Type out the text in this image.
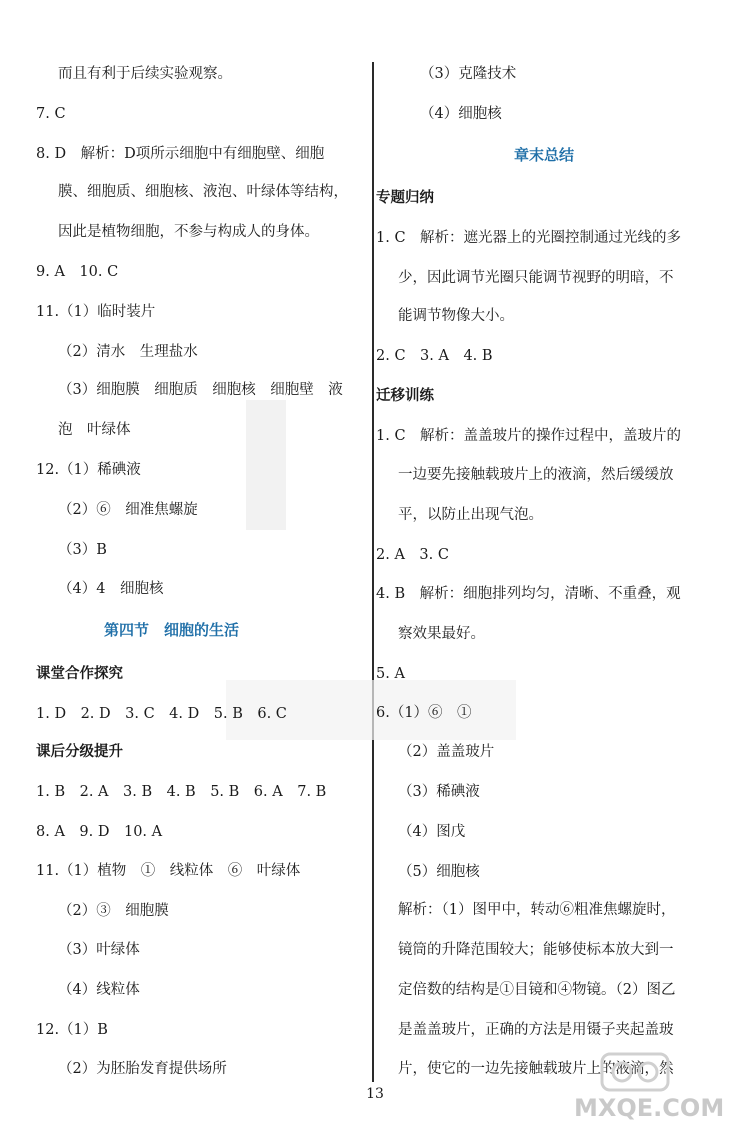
而且有利于后续实验观察。
7. C
8. D　解析：D项所示细胞中有细胞壁、细胞
膜、细胞质、细胞核、液泡、叶绿体等结构，
因此是植物细胞，不参与构成人的身体。
9. A　10. C
11.（1）临时装片
（2）清水　生理盐水
（3）细胞膜　细胞质　细胞核　细胞壁　液
泡　叶绿体
12.（1）稀碘液
（2）⑥　细准焦螺旋
（3）B
（4）4　细胞核
第四节　细胞的生活
课堂合作探究
1. D　2. D　3. C　4. D　5. B　6. C
课后分级提升
1. B　2. A　3. B　4. B　5. B　6. A　7. B
8. A　9. D　10. A
11.（1）植物　①　线粒体　⑥　叶绿体
（2）③　细胞膜
（3）叶绿体
（4）线粒体
12.（1）B
（2）为胚胎发育提供场所
（3）克隆技术
（4）细胞核
章末总结
专题归纳
1. C　解析：遮光器上的光圈控制通过光线的多
少，因此调节光圈只能调节视野的明暗，不
能调节物像大小。
2. C　3. A　4. B
迁移训练
1. C　解析：盖盖玻片的操作过程中，盖玻片的
一边要先接触载玻片上的液滴，然后缓缓放
平，以防止出现气泡。
2. A　3. C
4. B　解析：细胞排列均匀，清晰、不重叠，观
察效果最好。
5. A
6.（1）⑥　①
（2）盖盖玻片
（3）稀碘液
（4）图戊
（5）细胞核
解析：（1）图甲中，转动⑥粗准焦螺旋时，
镜筒的升降范围较大；能够使标本放大到一
定倍数的结构是①目镜和④物镜。（2）图乙
是盖盖玻片，正确的方法是用镊子夹起盖玻
片，使它的一边先接触载玻片上的液滴，然
MXQE.COM
13
